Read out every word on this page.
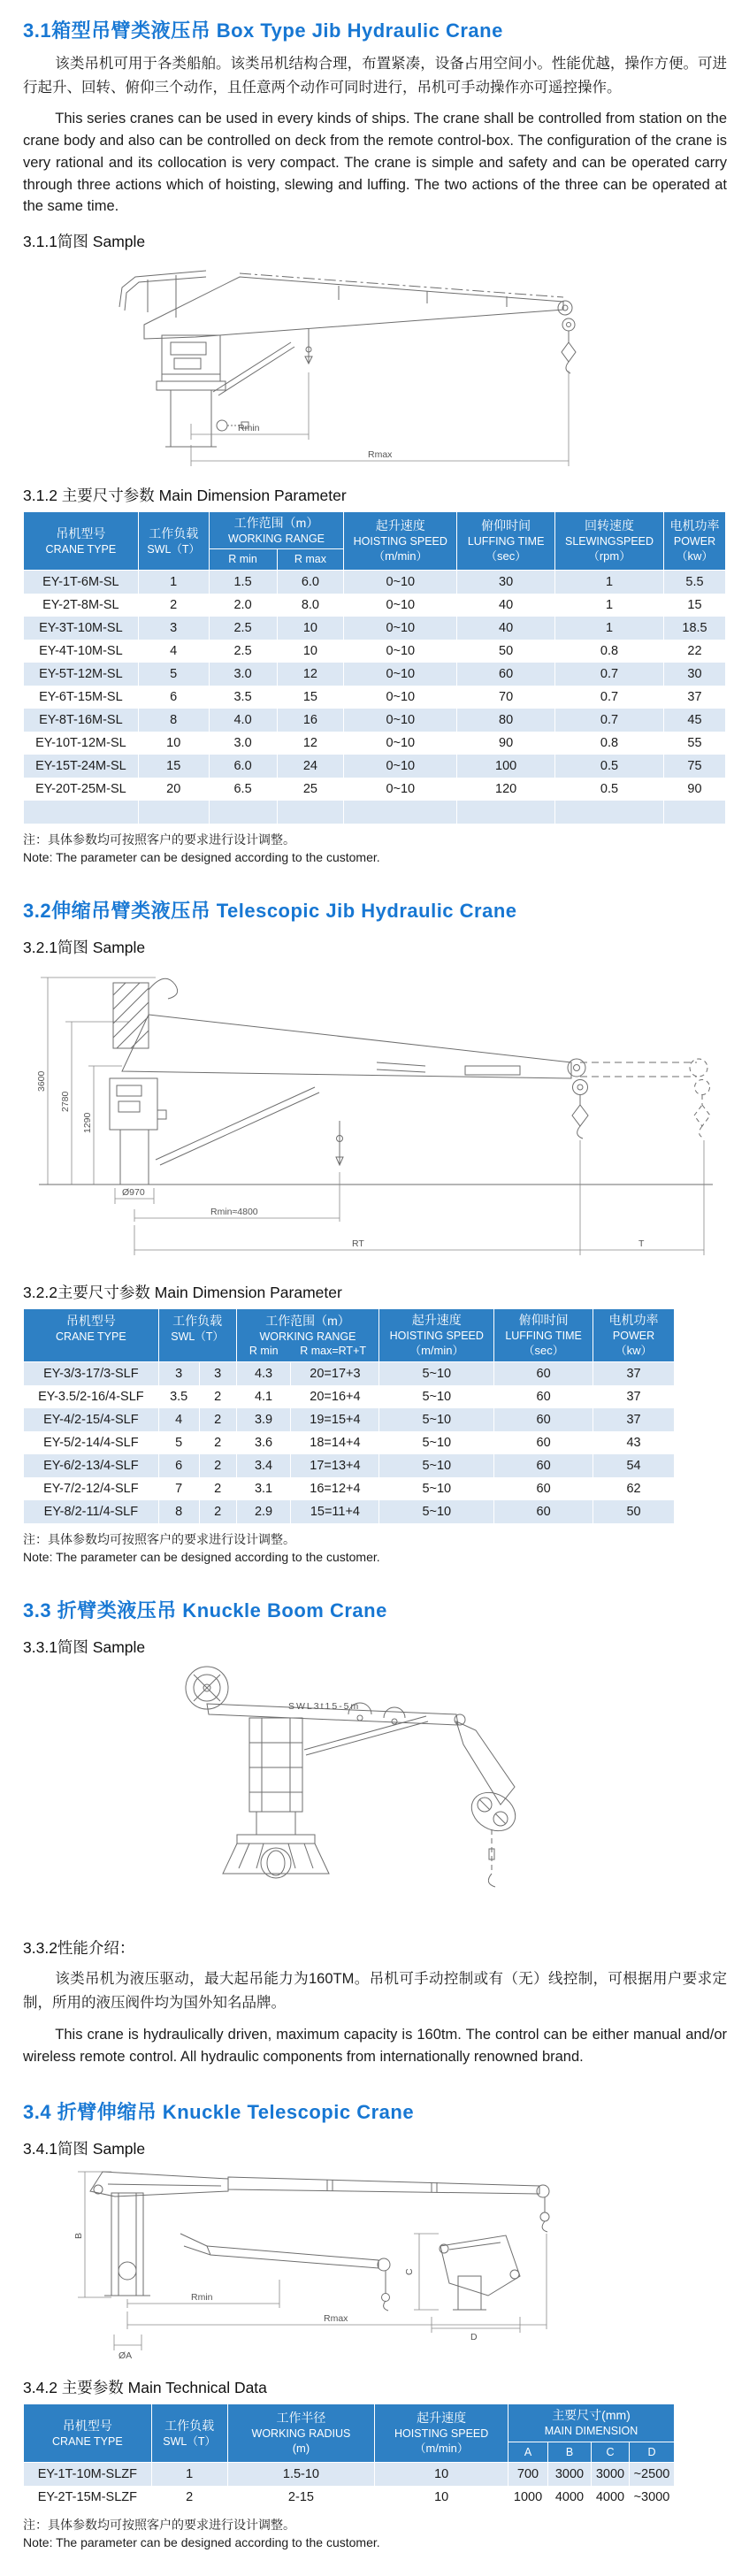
3.1箱型吊臂类液压吊 Box Type Jib Hydraulic Crane

该类吊机可用于各类船舶。该类吊机结构合理，布置紧凑，设备占用空间小。性能优越，操作方便。可进行起升、回转、俯仰三个动作，且任意两个动作可同时进行，吊机可手动操作亦可遥控操作。

This series cranes can be used in every kinds of ships. The crane shall be controlled from station on the crane body and also can be controlled on deck from the remote control-box. The configuration of the crane is very rational and its collocation is very compact. The crane is simple and safety and can be operated carry through three actions which of hoisting, slewing and luffing. The two actions of the three can be operated at the same time.

3.1.1简图 Sample
Rmin
Rmax
3.1.2 主要尺寸参数 Main Dimension Parameter
吊机型号
CRANE TYPE	工作负载
SWL（T）	工作范围（m）
WORKING RANGE		起升速度
HOISTING SPEED
（m/min）	俯仰时间
LUFFING TIME
（sec）	回转速度
SLEWINGSPEED
（rpm）	电机功率
POWER
（kw）

		R min	R max				

EY-1T-6M-SL	1	1.5	6.0	0~10	30	1	5.5
EY-2T-8M-SL	2	2.0	8.0	0~10	40	1	15
EY-3T-10M-SL	3	2.5	10	0~10	40	1	18.5
EY-4T-10M-SL	4	2.5	10	0~10	50	0.8	22
EY-5T-12M-SL	5	3.0	12	0~10	60	0.7	30
EY-6T-15M-SL	6	3.5	15	0~10	70	0.7	37
EY-8T-16M-SL	8	4.0	16	0~10	80	0.7	45
EY-10T-12M-SL	10	3.0	12	0~10	90	0.8	55
EY-15T-24M-SL	15	6.0	24	0~10	100	0.5	75
EY-20T-25M-SL	20	6.5	25	0~10	120	0.5	90

注：具体参数均可按照客户的要求进行设计调整。
Note: The parameter can be designed according to the customer.
3.2伸缩吊臂类液压吊 Telescopic Jib Hydraulic Crane
3.2.1简图 Sample
3600
2780
1290
Ø970
Rmin≈4800
RT	T
3.2.2主要尺寸参数 Main Dimension Parameter
吊机型号
CRANE TYPE	工作负载
SWL（T）		工作范围（m）
WORKING RANGE
R min R max=RT+T		起升速度
HOISTING SPEED
（m/min）	俯仰时间
LUFFING TIME
（sec）	电机功率
POWER
（kw）

EY-3/3-17/3-SLF	3	3	4.3	20=17+3	5~10	60	37
EY-3.5/2-16/4-SLF	3.5	2	4.1	20=16+4	5~10	60	37
EY-4/2-15/4-SLF	4	2	3.9	19=15+4	5~10	60	37
EY-5/2-14/4-SLF	5	2	3.6	18=14+4	5~10	60	43
EY-6/2-13/4-SLF	6	2	3.4	17=13+4	5~10	60	54
EY-7/2-12/4-SLF	7	2	3.1	16=12+4	5~10	60	62
EY-8/2-11/4-SLF	8	2	2.9	15=11+4	5~10	60	50
注：具体参数均可按照客户的要求进行设计调整。
Note: The parameter can be designed according to the customer.
3.3 折臂类液压吊 Knuckle Boom Crane
3.3.1简图 Sample
SWL3t15-5m
3.3.2性能介绍：

该类吊机为液压驱动，最大起吊能力为160TM。吊机可手动控制或有（无）线控制，可根据用户要求定制，所用的液压阀件均为国外知名品牌。

This crane is hydraulically driven, maximum capacity is 160tm. The control can be either manual and/or wireless remote control. All hydraulic components from internationally renowned brand.

3.4 折臂伸缩吊 Knuckle Telescopic Crane
3.4.1简图 Sample
B
C
D
Rmin
Rmax
ØA
3.4.2 主要参数 Main Technical Data
吊机型号
CRANE TYPE	工作负载
SWL（T）	工作半径
WORKING RADIUS
(m)	起升速度
HOISTING SPEED
（m/min）	主要尺寸(mm)
MAIN DIMENSION			

				A	B	C	D

EY-1T-10M-SLZF	1	1.5-10	10	700	3000	3000	~2500
EY-2T-15M-SLZF	2	2-15	10	1000	4000	4000	~3000
注：具体参数均可按照客户的要求进行设计调整。
Note: The parameter can be designed according to the customer.
